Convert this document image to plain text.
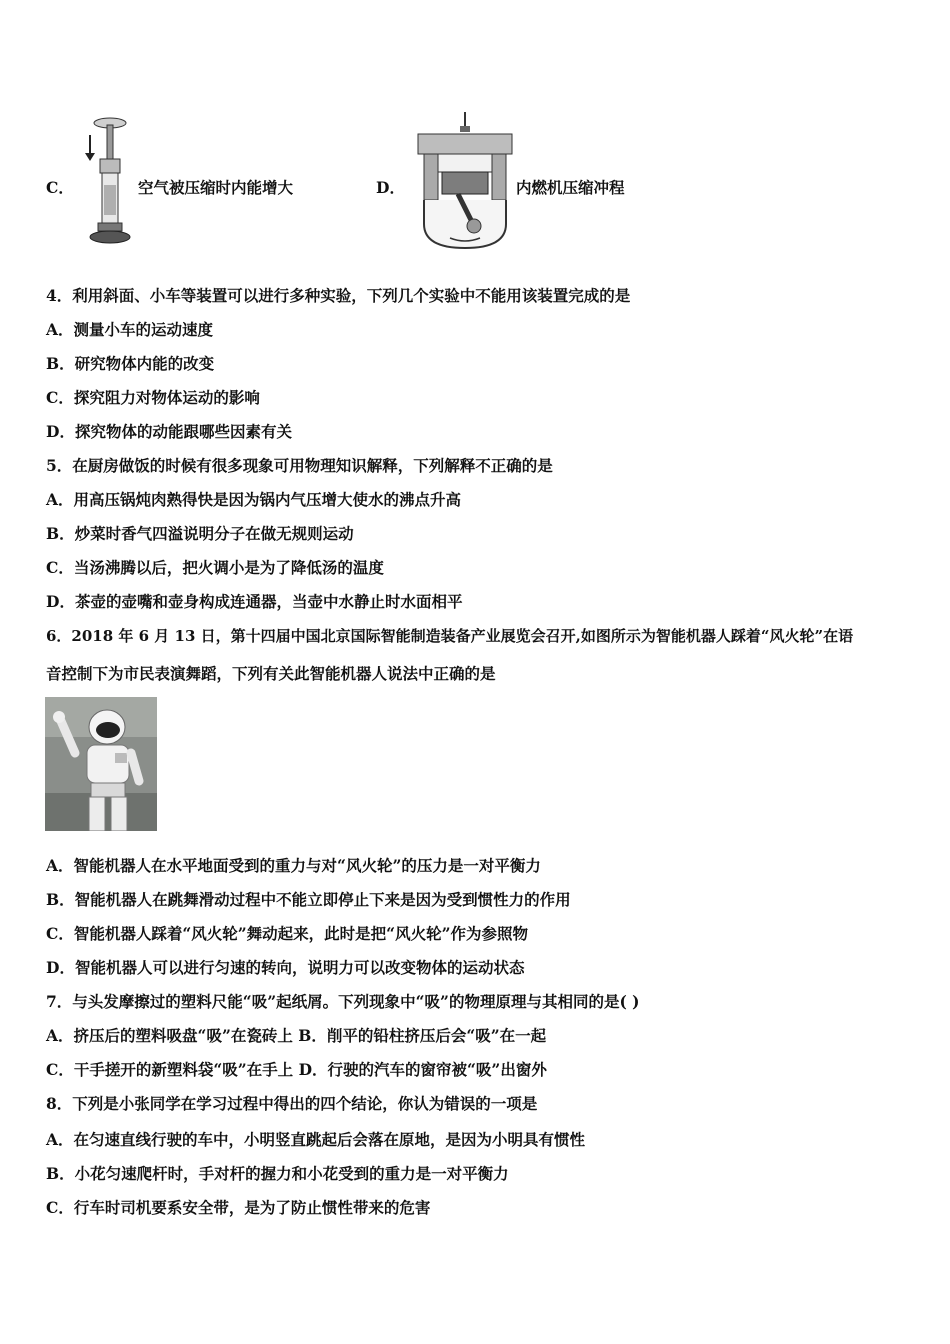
C．	空气被压缩时内能增大	D．	内燃机压缩冲程
4．利用斜面、小车等装置可以进行多种实验，下列几个实验中不能用该装置完成的是
A．测量小车的运动速度
B．研究物体内能的改变
C．探究阻力对物体运动的影响
D．探究物体的动能跟哪些因素有关
5．在厨房做饭的时候有很多现象可用物理知识解释，下列解释不正确的是
A．用高压锅炖肉熟得快是因为锅内气压增大使水的沸点升高
B．炒菜时香气四溢说明分子在做无规则运动
C．当汤沸腾以后，把火调小是为了降低汤的温度
D．茶壶的壶嘴和壶身构成连通器，当壶中水静止时水面相平
6．2018 年 6 月 13 日，第十四届中国北京国际智能制造装备产业展览会召开,如图所示为智能机器人踩着“风火轮”在语
音控制下为市民表演舞蹈，下列有关此智能机器人说法中正确的是
A．智能机器人在水平地面受到的重力与对“风火轮”的压力是一对平衡力
B．智能机器人在跳舞滑动过程中不能立即停止下来是因为受到惯性力的作用
C．智能机器人踩着“风火轮”舞动起来，此时是把“风火轮”作为参照物
D．智能机器人可以进行匀速的转向，说明力可以改变物体的运动状态
7．与头发摩擦过的塑料尺能“吸”起纸屑。下列现象中“吸”的物理原理与其相同的是( )
A．挤压后的塑料吸盘“吸”在瓷砖上 B．削平的铅柱挤压后会“吸”在一起
C．干手搓开的新塑料袋“吸”在手上 D．行驶的汽车的窗帘被“吸”出窗外
8．下列是小张同学在学习过程中得出的四个结论，你认为错误的一项是
A．在匀速直线行驶的车中，小明竖直跳起后会落在原地，是因为小明具有惯性
B．小花匀速爬杆时，手对杆的握力和小花受到的重力是一对平衡力
C．行车时司机要系安全带，是为了防止惯性带来的危害
